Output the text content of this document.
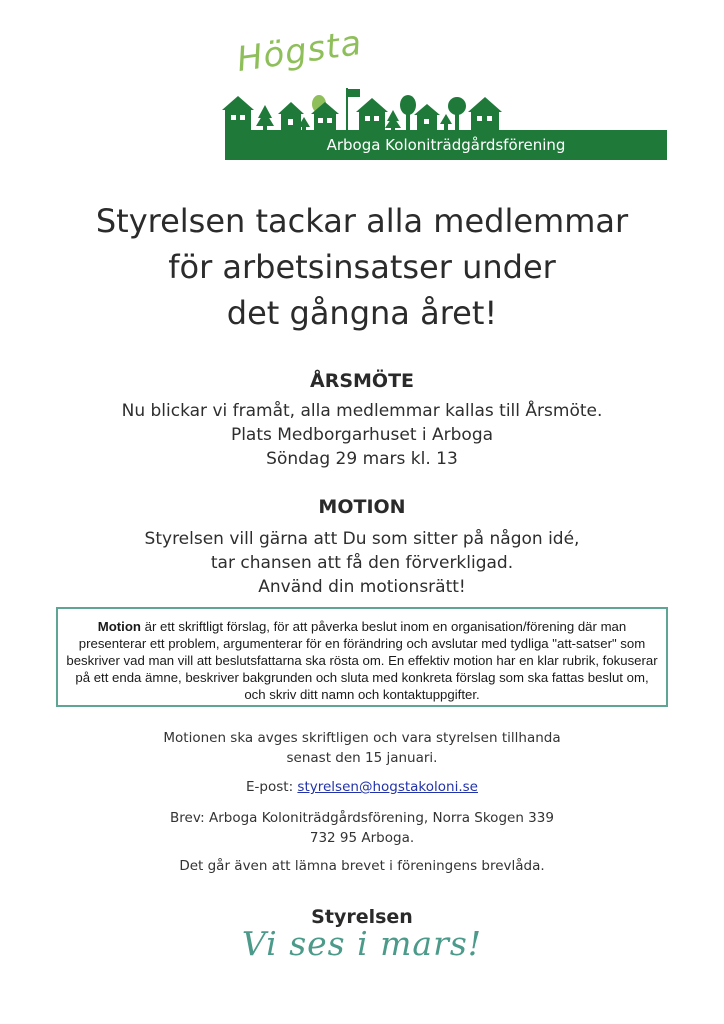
Högsta
Arboga Koloniträdgårdsförening
Styrelsen tackar alla medlemmar
för arbetsinsatser under
det gångna året!
ÅRSMÖTE
Nu blickar vi framåt, alla medlemmar kallas till Årsmöte.
Plats Medborgarhuset i Arboga
Söndag 29 mars kl. 13
MOTION
Styrelsen vill gärna att Du som sitter på någon idé,
tar chansen att få den förverkligad.
Använd din motionsrätt!
Motion är ett skriftligt förslag, för att påverka beslut inom en organisation/förening där man presenterar ett problem, argumenterar för en förändring och avslutar med tydliga "att-satser" som beskriver vad man vill att beslutsfattarna ska rösta om. En effektiv motion har en klar rubrik, fokuserar på ett enda ämne, beskriver bakgrunden och sluta med konkreta förslag som ska fattas beslut om, och skriv ditt namn och kontaktuppgifter.
Motionen ska avges skriftligen och vara styrelsen tillhanda
senast den 15 januari.
E-post: styrelsen@hogstakoloni.se
Brev: Arboga Koloniträdgårdsförening, Norra Skogen 339
732 95 Arboga.
Det går även att lämna brevet i föreningens brevlåda.
Styrelsen
Vi ses i mars!
